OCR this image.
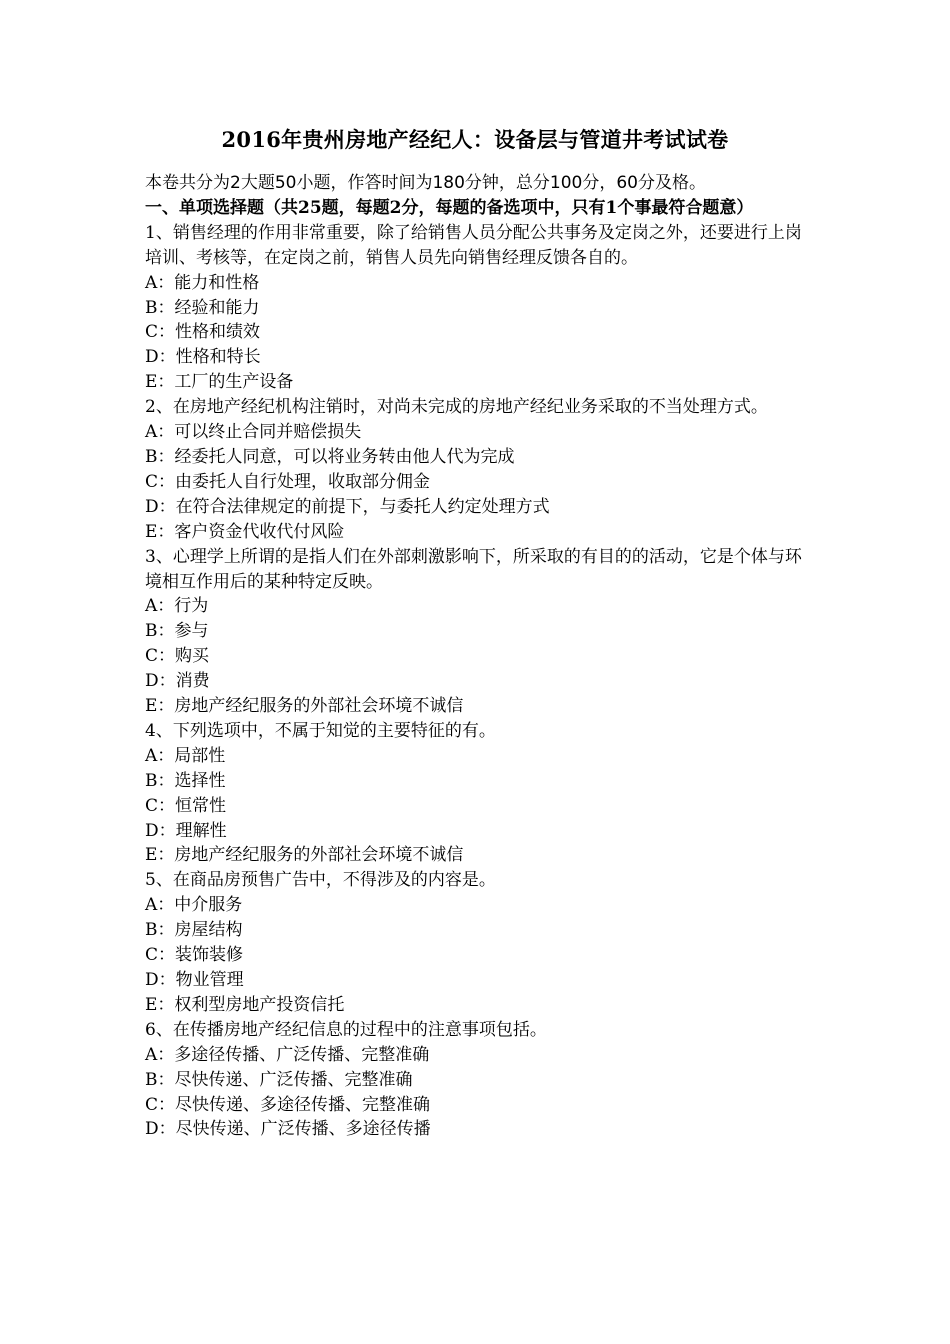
2016年贵州房地产经纪人：设备层与管道井考试试卷
本卷共分为2大题50小题，作答时间为180分钟，总分100分，60分及格。
一、单项选择题（共25题，每题2分，每题的备选项中，只有1个事最符合题意）
1、销售经理的作用非常重要，除了给销售人员分配公共事务及定岗之外，还要进行上岗培训、考核等，在定岗之前，销售人员先向销售经理反馈各自的。
A：能力和性格
B：经验和能力
C：性格和绩效
D：性格和特长
E：工厂的生产设备
2、在房地产经纪机构注销时，对尚未完成的房地产经纪业务采取的不当处理方式。
A：可以终止合同并赔偿损失
B：经委托人同意，可以将业务转由他人代为完成
C：由委托人自行处理，收取部分佣金
D：在符合法律规定的前提下，与委托人约定处理方式
E：客户资金代收代付风险
3、心理学上所谓的是指人们在外部刺激影响下，所采取的有目的的活动，它是个体与环境相互作用后的某种特定反映。
A：行为
B：参与
C：购买
D：消费
E：房地产经纪服务的外部社会环境不诚信
4、下列选项中，不属于知觉的主要特征的有。
A：局部性
B：选择性
C：恒常性
D：理解性
E：房地产经纪服务的外部社会环境不诚信
5、在商品房预售广告中，不得涉及的内容是。
A：中介服务
B：房屋结构
C：装饰装修
D：物业管理
E：权利型房地产投资信托
6、在传播房地产经纪信息的过程中的注意事项包括。
A：多途径传播、广泛传播、完整准确
B：尽快传递、广泛传播、完整准确
C：尽快传递、多途径传播、完整准确
D：尽快传递、广泛传播、多途径传播
